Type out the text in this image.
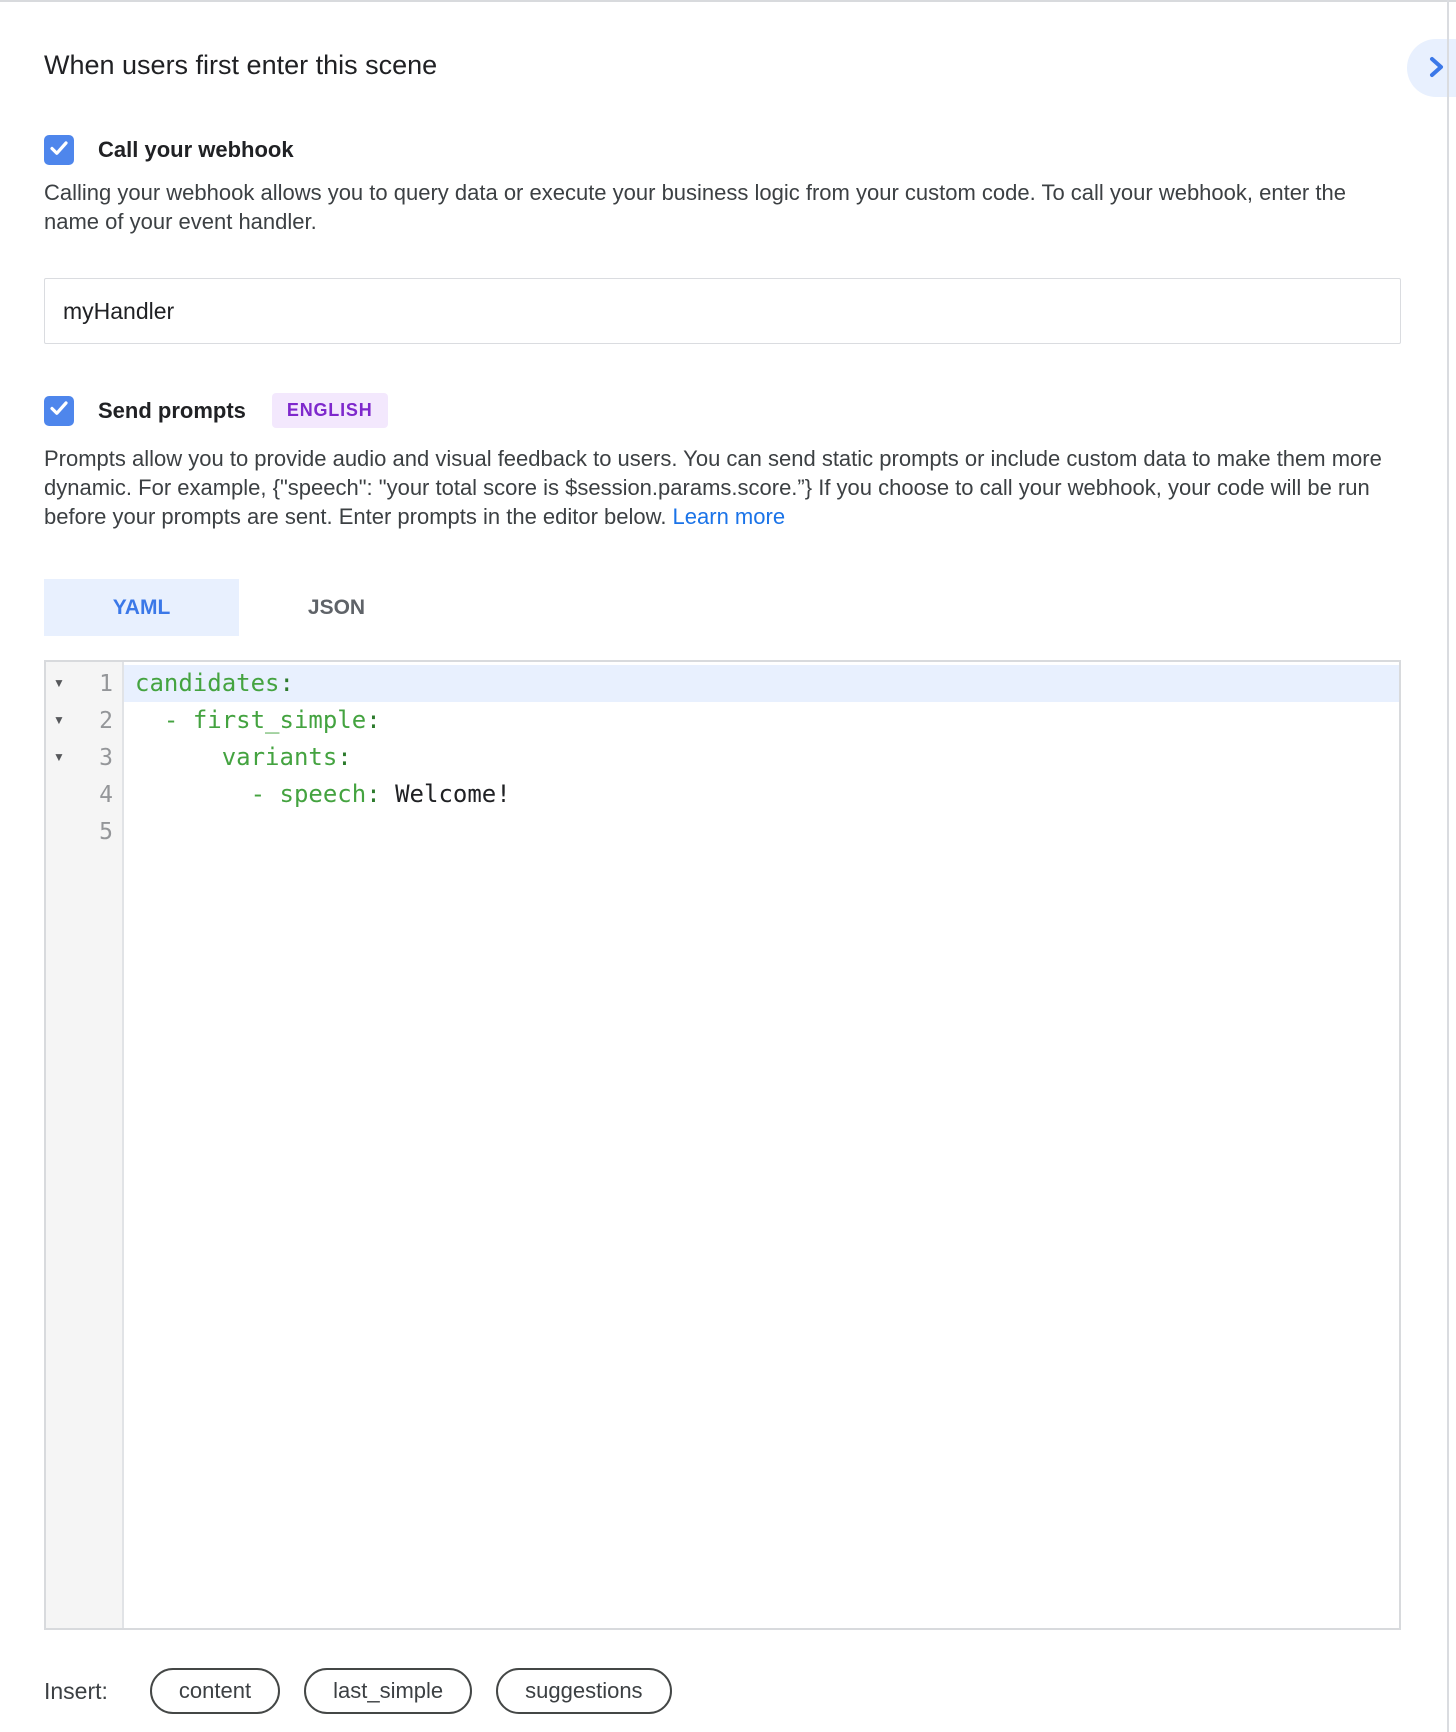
When users first enter this scene
Call your webhook

Calling your webhook allows you to query data or execute your business logic from your custom code. To call your webhook, enter the name of your event handler.

myHandler
Send prompts	ENGLISH

Prompts allow you to provide audio and visual feedback to users. You can send static prompts or include custom data to make them more dynamic. For example, {"speech": "your total score is $session.params.score.”} If you choose to call your webhook, your code will be run before your prompts are sent. Enter prompts in the editor below. Learn more

YAML	JSON
▼	1
▼	2
▼	3
4
5
candidates:
- first_simple:
variants:
- speech: Welcome!
Insert:	content	last_simple	suggestions
